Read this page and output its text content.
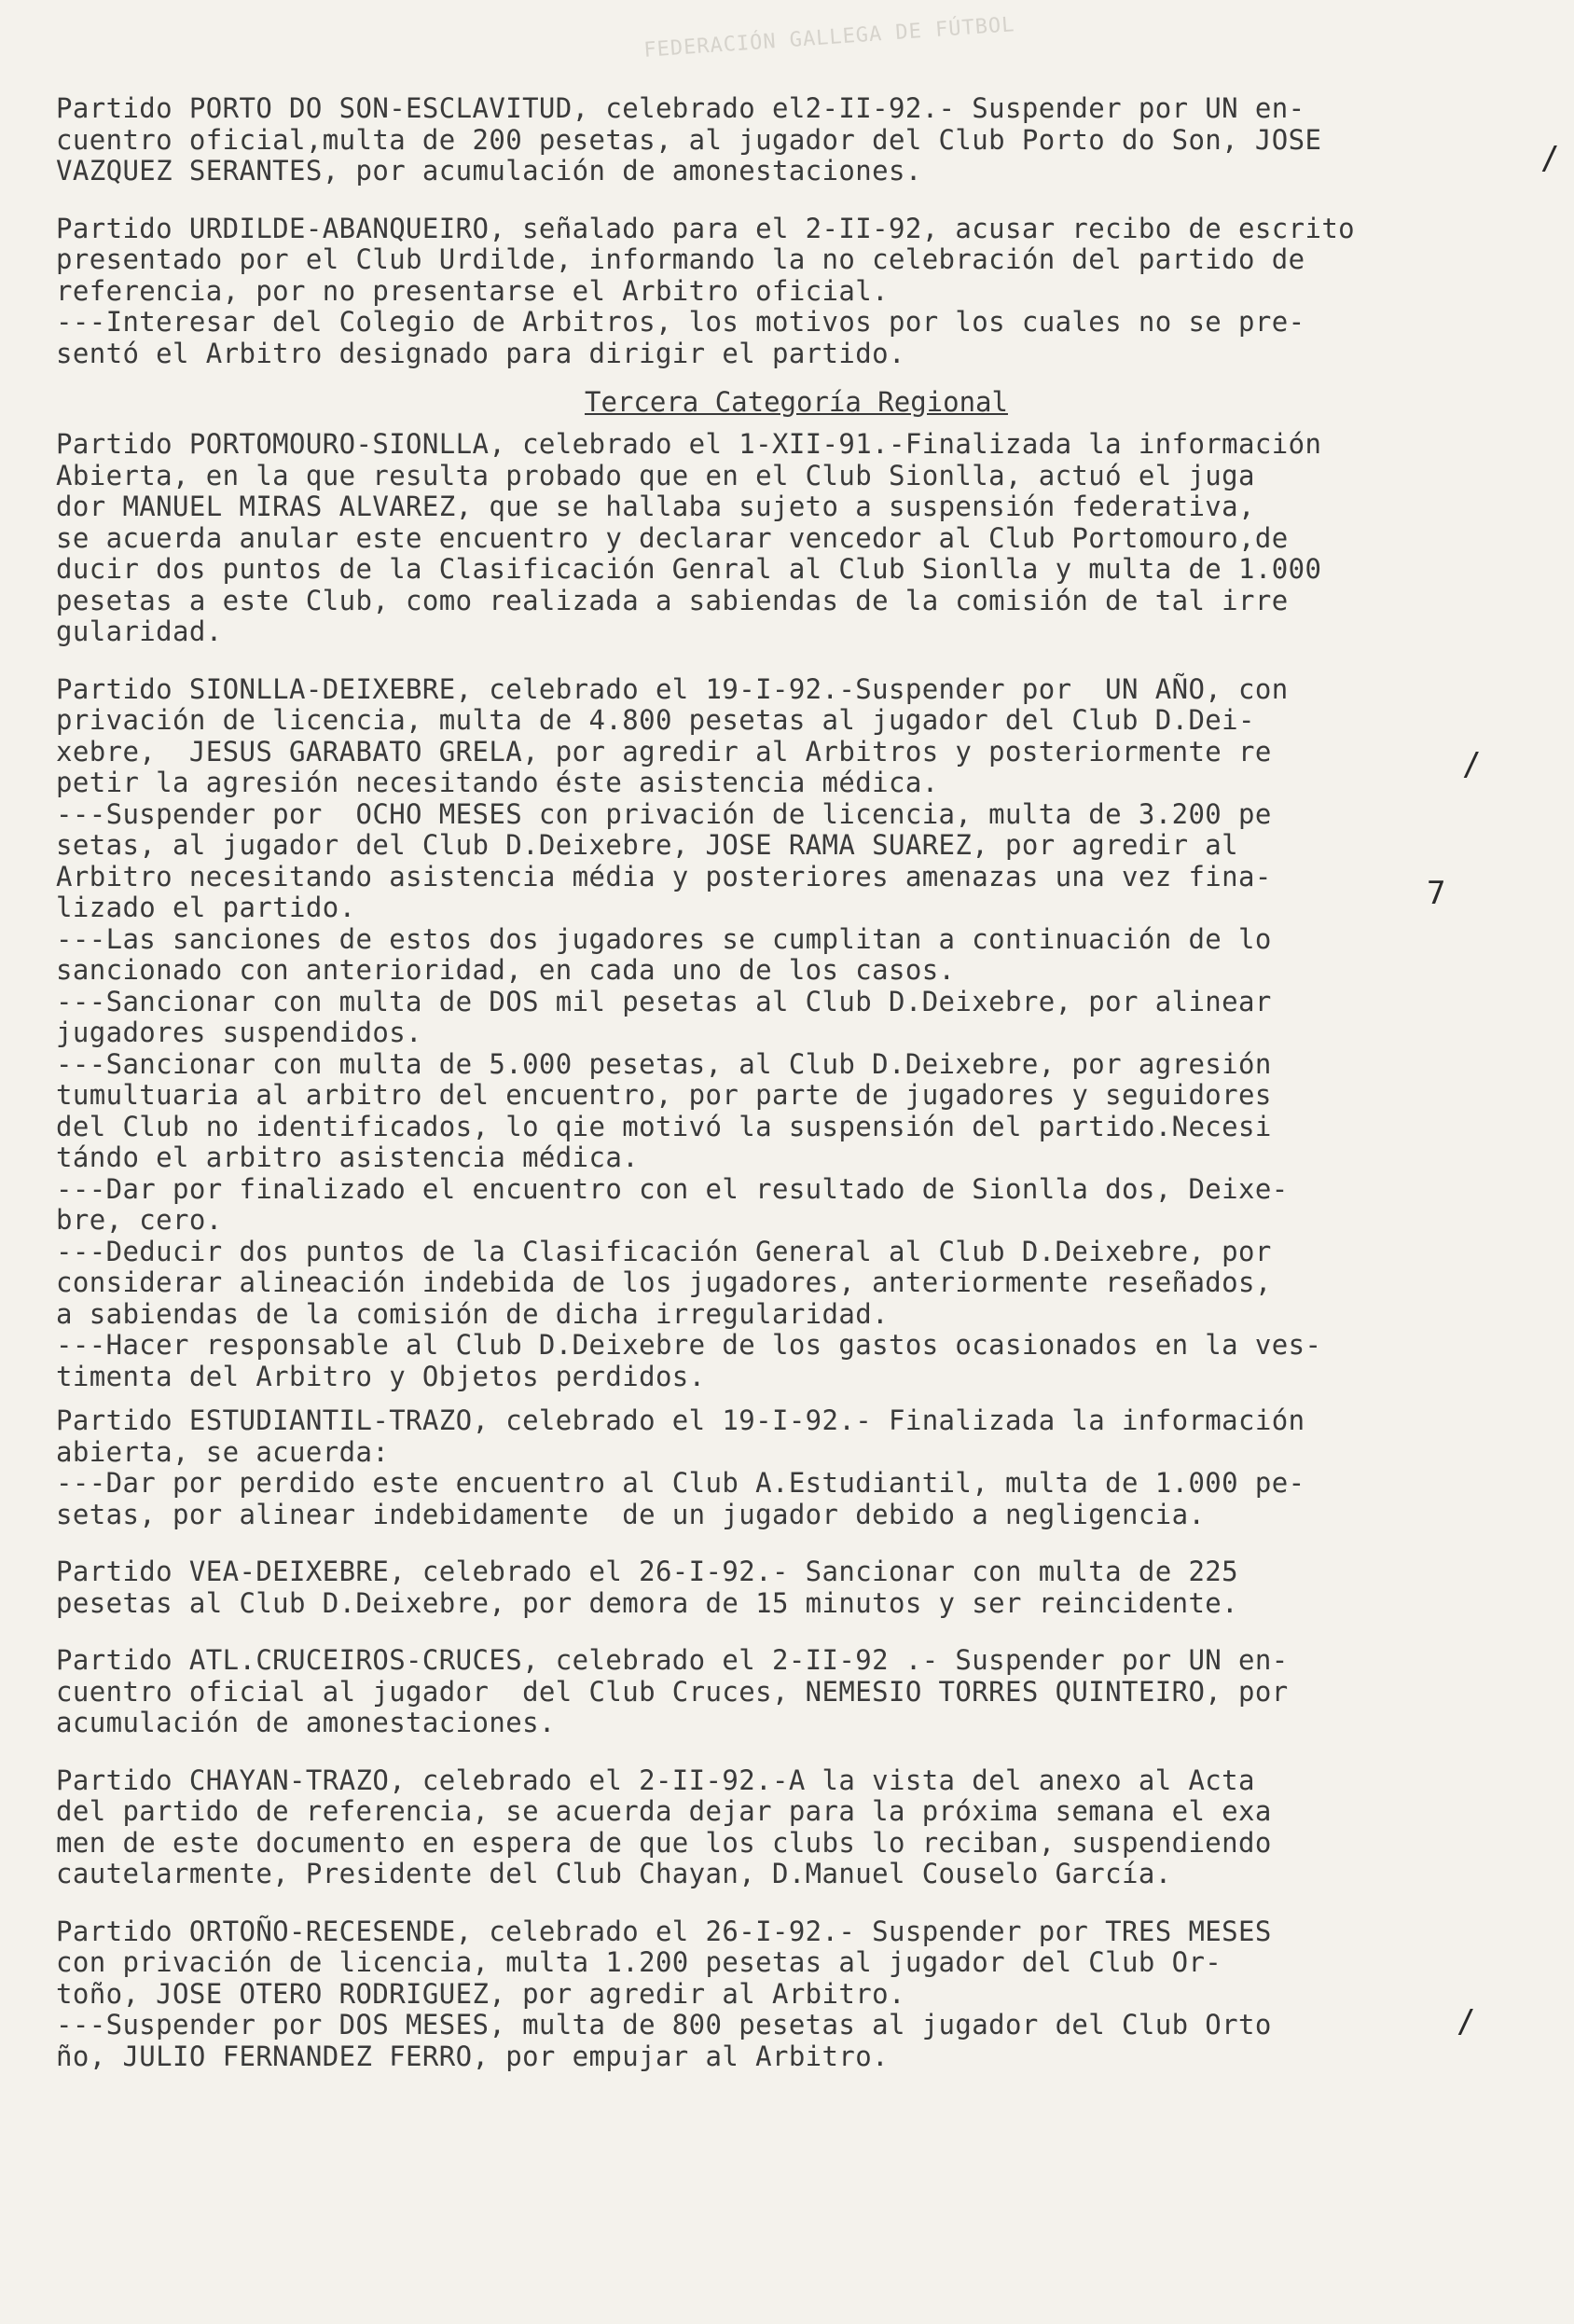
FEDERACIÓN GALLEGA DE FÚTBOL
/
/
7
/

Partido PORTO DO SON-ESCLAVITUD, celebrado el2-II-92.- Suspender por UN en-
cuentro oficial,multa de 200 pesetas, al jugador del Club Porto do Son, JOSE
VAZQUEZ SERANTES, por acumulación de amonestaciones.

Partido URDILDE-ABANQUEIRO, señalado para el 2-II-92, acusar recibo de escrito
presentado por el Club Urdilde, informando la no celebración del partido de
referencia, por no presentarse el Arbitro oficial.
---Interesar del Colegio de Arbitros, los motivos por los cuales no se pre-
sentó el Arbitro designado para dirigir el partido.

Tercera Categoría Regional

Partido PORTOMOURO-SIONLLA, celebrado el 1-XII-91.-Finalizada la información
Abierta, en la que resulta probado que en el Club Sionlla, actuó el juga
dor MANUEL MIRAS ALVAREZ, que se hallaba sujeto a suspensión federativa,
se acuerda anular este encuentro y declarar vencedor al Club Portomouro,de
ducir dos puntos de la Clasificación Genral al Club Sionlla y multa de 1.000
pesetas a este Club, como realizada a sabiendas de la comisión de tal irre
gularidad.

Partido SIONLLA-DEIXEBRE, celebrado el 19-I-92.-Suspender por  UN AÑO, con
privación de licencia, multa de 4.800 pesetas al jugador del Club D.Dei-
xebre,  JESUS GARABATO GRELA, por agredir al Arbitros y posteriormente re
petir la agresión necesitando éste asistencia médica.
---Suspender por  OCHO MESES con privación de licencia, multa de 3.200 pe
setas, al jugador del Club D.Deixebre, JOSE RAMA SUAREZ, por agredir al
Arbitro necesitando asistencia média y posteriores amenazas una vez fina-
lizado el partido.
---Las sanciones de estos dos jugadores se cumplitan a continuación de lo
sancionado con anterioridad, en cada uno de los casos.
---Sancionar con multa de DOS mil pesetas al Club D.Deixebre, por alinear
jugadores suspendidos.
---Sancionar con multa de 5.000 pesetas, al Club D.Deixebre, por agresión
tumultuaria al arbitro del encuentro, por parte de jugadores y seguidores
del Club no identificados, lo qie motivó la suspensión del partido.Necesi
tándo el arbitro asistencia médica.
---Dar por finalizado el encuentro con el resultado de Sionlla dos, Deixe-
bre, cero.
---Deducir dos puntos de la Clasificación General al Club D.Deixebre, por
considerar alineación indebida de los jugadores, anteriormente reseñados,
a sabiendas de la comisión de dicha irregularidad.
---Hacer responsable al Club D.Deixebre de los gastos ocasionados en la ves-
timenta del Arbitro y Objetos perdidos.

Partido ESTUDIANTIL-TRAZO, celebrado el 19-I-92.- Finalizada la información
abierta, se acuerda:
---Dar por perdido este encuentro al Club A.Estudiantil, multa de 1.000 pe-
setas, por alinear indebidamente  de un jugador debido a negligencia.

Partido VEA-DEIXEBRE, celebrado el 26-I-92.- Sancionar con multa de 225
pesetas al Club D.Deixebre, por demora de 15 minutos y ser reincidente.

Partido ATL.CRUCEIROS-CRUCES, celebrado el 2-II-92 .- Suspender por UN en-
cuentro oficial al jugador  del Club Cruces, NEMESIO TORRES QUINTEIRO, por
acumulación de amonestaciones.

Partido CHAYAN-TRAZO, celebrado el 2-II-92.-A la vista del anexo al Acta
del partido de referencia, se acuerda dejar para la próxima semana el exa
men de este documento en espera de que los clubs lo reciban, suspendiendo
cautelarmente, Presidente del Club Chayan, D.Manuel Couselo García.

Partido ORTOÑO-RECESENDE, celebrado el 26-I-92.- Suspender por TRES MESES
con privación de licencia, multa 1.200 pesetas al jugador del Club Or-
toño, JOSE OTERO RODRIGUEZ, por agredir al Arbitro.
---Suspender por DOS MESES, multa de 800 pesetas al jugador del Club Orto
ño, JULIO FERNANDEZ FERRO, por empujar al Arbitro.
